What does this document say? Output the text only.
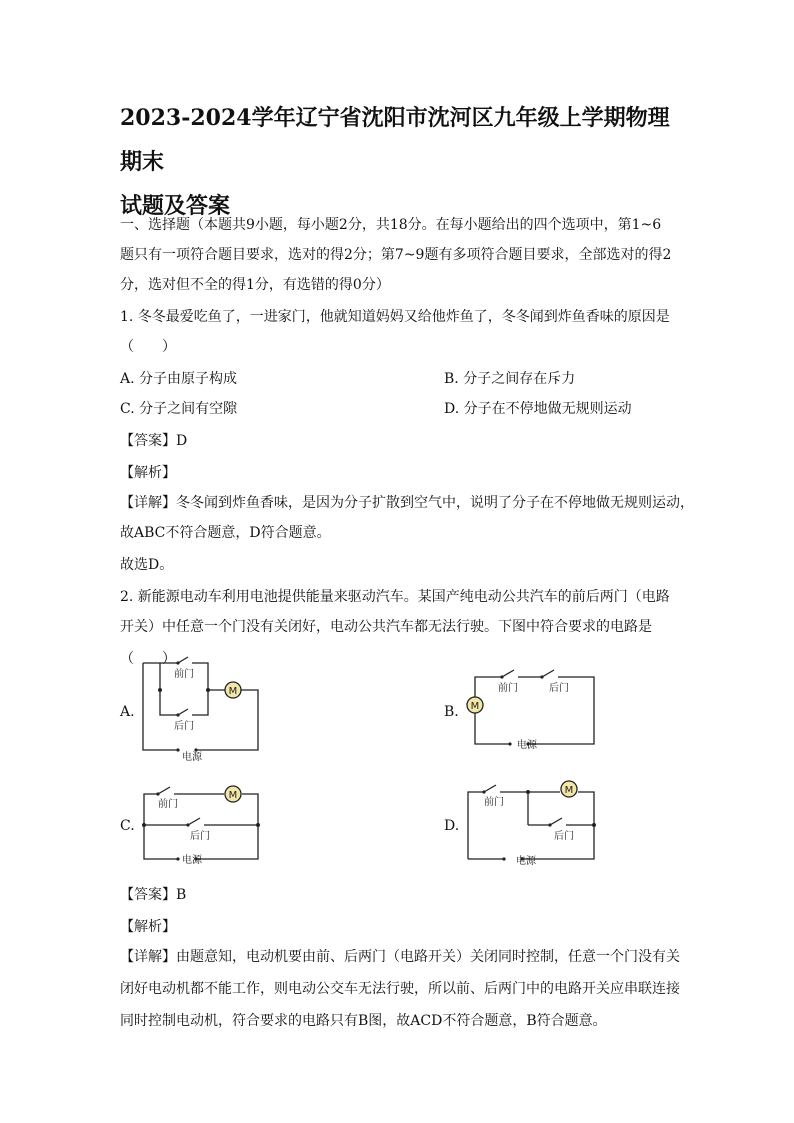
2023-2024学年辽宁省沈阳市沈河区九年级上学期物理期末
试题及答案
一、选择题（本题共9小题，每小题2分，共18分。在每小题给出的四个选项中，第1~6
题只有一项符合题目要求，选对的得2分；第7~9题有多项符合题目要求，全部选对的得2
分，选对但不全的得1分，有选错的得0分）
1. 冬冬最爱吃鱼了，一进家门，他就知道妈妈又给他炸鱼了，冬冬闻到炸鱼香味的原因是
（　　）
A. 分子由原子构成	B. 分子之间存在斥力
C. 分子之间有空隙	D. 分子在不停地做无规则运动
【答案】D
【解析】
【详解】冬冬闻到炸鱼香味，是因为分子扩散到空气中，说明了分子在不停地做无规则运动，
故ABC不符合题意，D符合题意。
故选D。
2. 新能源电动车利用电池提供能量来驱动汽车。某国产纯电动公共汽车的前后两门（电路
开关）中任意一个门没有关闭好，电动公共汽车都无法行驶。下图中符合要求的电路是
（　　）
A.
M
前门
后门
电源
B. M
前门	后门
电源
C.
M
前门
后门
电源
D.
M
前门
后门
电源
【答案】B
【解析】
【详解】由题意知，电动机要由前、后两门（电路开关）关闭同时控制，任意一个门没有关
闭好电动机都不能工作，则电动公交车无法行驶，所以前、后两门中的电路开关应串联连接
同时控制电动机，符合要求的电路只有B图，故ACD不符合题意，B符合题意。
